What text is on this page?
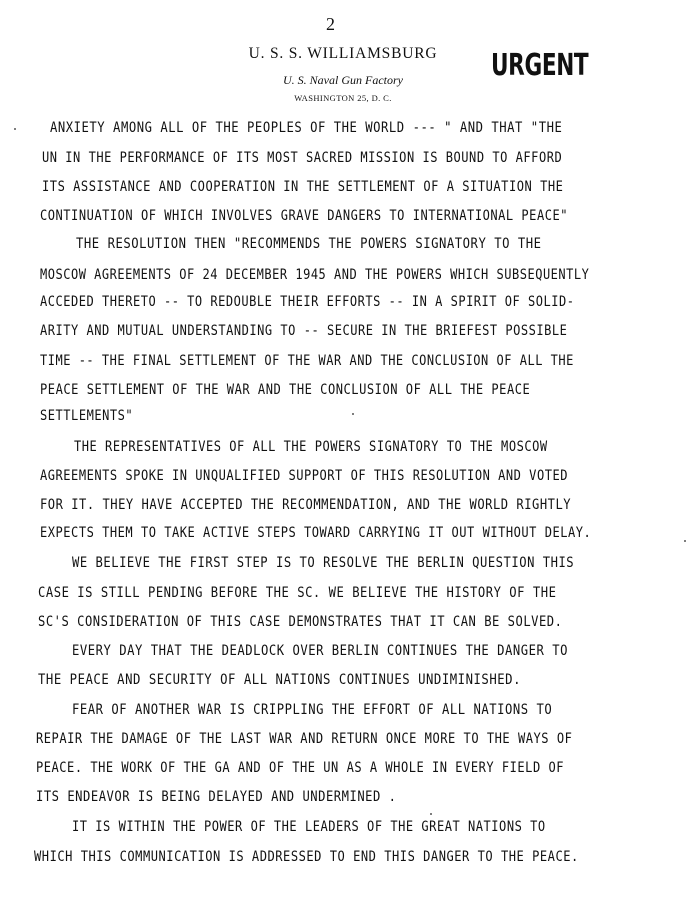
2
U. S. S. WILLIAMSBURG
U. S. Naval Gun Factory
WASHINGTON 25, D. C.
URGENT
ANXIETY AMONG ALL OF THE PEOPLES OF THE WORLD --- " AND THAT "THE
UN IN THE PERFORMANCE OF ITS MOST SACRED MISSION IS BOUND TO AFFORD
ITS ASSISTANCE AND COOPERATION IN THE SETTLEMENT OF A SITUATION THE
CONTINUATION OF WHICH INVOLVES GRAVE DANGERS TO INTERNATIONAL PEACE"
THE RESOLUTION THEN "RECOMMENDS THE POWERS SIGNATORY TO THE
MOSCOW AGREEMENTS OF 24 DECEMBER 1945 AND THE POWERS WHICH SUBSEQUENTLY
ACCEDED THERETO -- TO REDOUBLE THEIR EFFORTS -- IN A SPIRIT OF SOLID-
ARITY AND MUTUAL UNDERSTANDING TO -- SECURE IN THE BRIEFEST POSSIBLE
TIME -- THE FINAL SETTLEMENT OF THE WAR AND THE CONCLUSION OF ALL THE
PEACE SETTLEMENT OF THE WAR AND THE CONCLUSION OF ALL THE PEACE
SETTLEMENTS"
THE REPRESENTATIVES OF ALL THE POWERS SIGNATORY TO THE MOSCOW
AGREEMENTS SPOKE IN UNQUALIFIED SUPPORT OF THIS RESOLUTION AND VOTED
FOR IT. THEY HAVE ACCEPTED THE RECOMMENDATION, AND THE WORLD RIGHTLY
EXPECTS THEM TO TAKE ACTIVE STEPS TOWARD CARRYING IT OUT WITHOUT DELAY.
WE BELIEVE THE FIRST STEP IS TO RESOLVE THE BERLIN QUESTION THIS
CASE IS STILL PENDING BEFORE THE SC. WE BELIEVE THE HISTORY OF THE
SC'S CONSIDERATION OF THIS CASE DEMONSTRATES THAT IT CAN BE SOLVED.
EVERY DAY THAT THE DEADLOCK OVER BERLIN CONTINUES THE DANGER TO
THE PEACE AND SECURITY OF ALL NATIONS CONTINUES UNDIMINISHED.
FEAR OF ANOTHER WAR IS CRIPPLING THE EFFORT OF ALL NATIONS TO
REPAIR THE DAMAGE OF THE LAST WAR AND RETURN ONCE MORE TO THE WAYS OF
PEACE. THE WORK OF THE GA AND OF THE UN AS A WHOLE IN EVERY FIELD OF
ITS ENDEAVOR IS BEING DELAYED AND UNDERMINED .
IT IS WITHIN THE POWER OF THE LEADERS OF THE GREAT NATIONS TO
WHICH THIS COMMUNICATION IS ADDRESSED TO END THIS DANGER TO THE PEACE.
